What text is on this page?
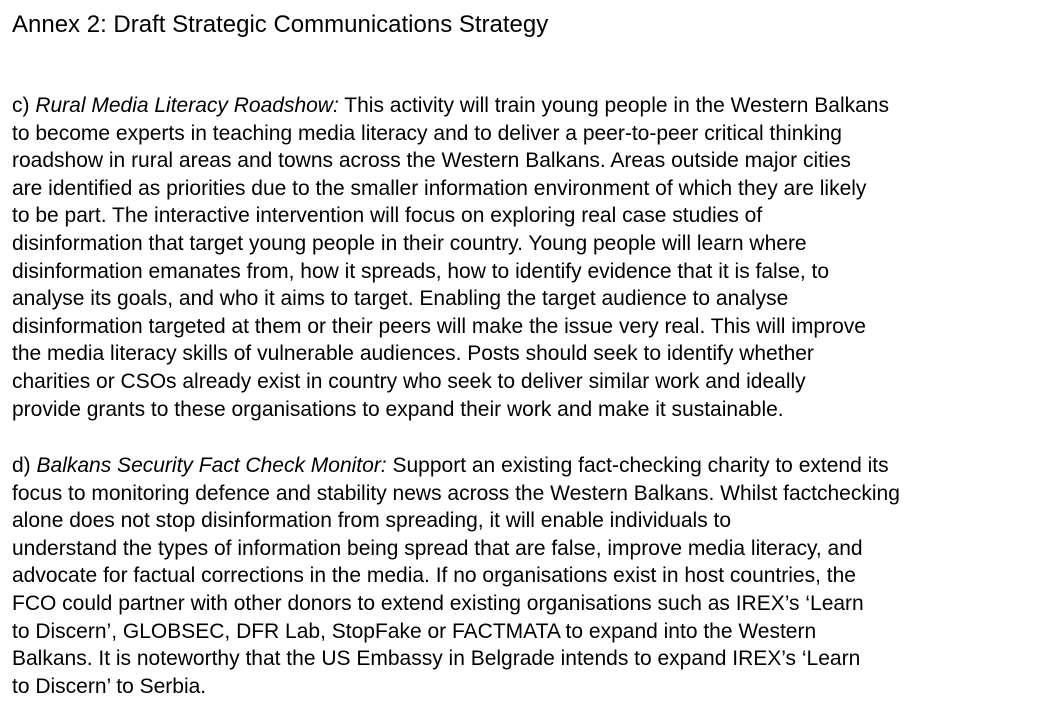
Annex 2: Draft Strategic Communications Strategy

c) Rural Media Literacy Roadshow: This activity will train young people in the Western Balkans
to become experts in teaching media literacy and to deliver a peer-to-peer critical thinking
roadshow in rural areas and towns across the Western Balkans. Areas outside major cities
are identified as priorities due to the smaller information environment of which they are likely
to be part. The interactive intervention will focus on exploring real case studies of
disinformation that target young people in their country. Young people will learn where
disinformation emanates from, how it spreads, how to identify evidence that it is false, to
analyse its goals, and who it aims to target. Enabling the target audience to analyse
disinformation targeted at them or their peers will make the issue very real. This will improve
the media literacy skills of vulnerable audiences. Posts should seek to identify whether
charities or CSOs already exist in country who seek to deliver similar work and ideally
provide grants to these organisations to expand their work and make it sustainable.

d) Balkans Security Fact Check Monitor: Support an existing fact-checking charity to extend its
focus to monitoring defence and stability news across the Western Balkans. Whilst factchecking
alone does not stop disinformation from spreading, it will enable individuals to
understand the types of information being spread that are false, improve media literacy, and
advocate for factual corrections in the media. If no organisations exist in host countries, the
FCO could partner with other donors to extend existing organisations such as IREX’s ‘Learn
to Discern’, GLOBSEC, DFR Lab, StopFake or FACTMATA to expand into the Western
Balkans. It is noteworthy that the US Embassy in Belgrade intends to expand IREX’s ‘Learn
to Discern’ to Serbia.
